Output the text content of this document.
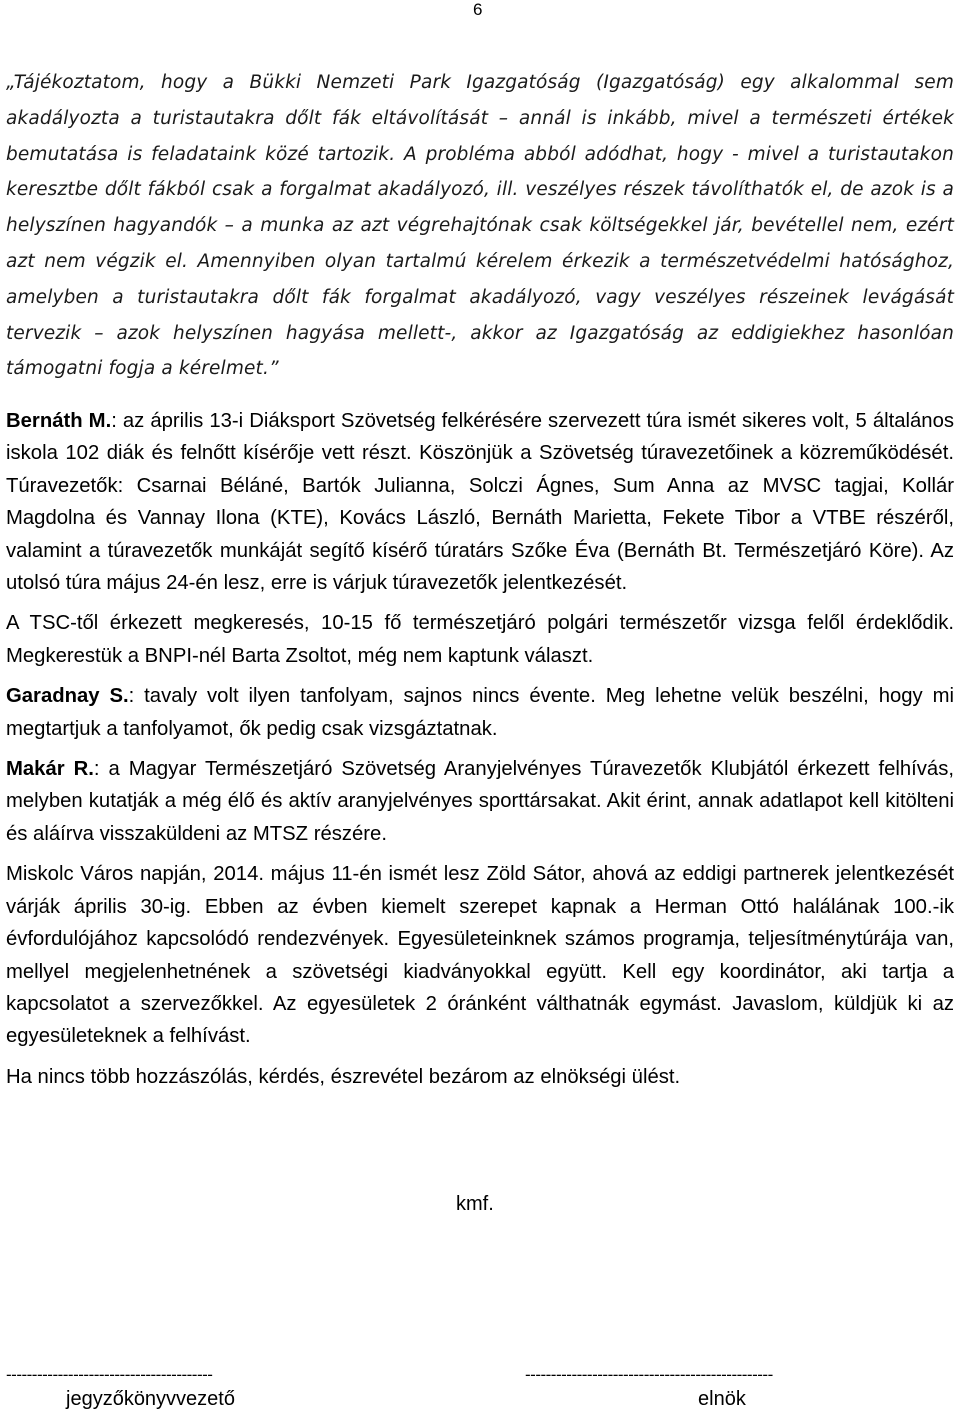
6
„Tájékoztatom, hogy a Bükki Nemzeti Park Igazgatóság (Igazgatóság) egy alkalommal sem akadályozta a turistautakra dőlt fák eltávolítását – annál is inkább, mivel a természeti értékek bemutatása is feladataink közé tartozik. A probléma abból adódhat, hogy - mivel a turistautakon keresztbe dőlt fákból csak a forgalmat akadályozó, ill. veszélyes részek távolíthatók el, de azok is a helyszínen hagyandók – a munka az azt végrehajtónak csak költségekkel jár, bevétellel nem, ezért azt nem végzik el. Amennyiben olyan tartalmú kérelem érkezik a természetvédelmi hatósághoz, amelyben a turistautakra dőlt fák forgalmat akadályozó, vagy veszélyes részeinek levágását tervezik – azok helyszínen hagyása mellett-, akkor az Igazgatóság az eddigiekhez hasonlóan támogatni fogja a kérelmet.”

Bernáth M.: az április 13-i Diáksport Szövetség felkérésére szervezett túra ismét sikeres volt, 5 általános iskola 102 diák és felnőtt kísérője vett részt. Köszönjük a Szövetség túravezetőinek a közreműködését. Túravezetők: Csarnai Béláné, Bartók Julianna, Solczi Ágnes, Sum Anna az MVSC tagjai, Kollár Magdolna és Vannay Ilona (KTE), Kovács László, Bernáth Marietta, Fekete Tibor a VTBE részéről, valamint a túravezetők munkáját segítő kísérő túratárs Szőke Éva (Bernáth Bt. Természetjáró Köre). Az utolsó túra május 24-én lesz, erre is várjuk túravezetők jelentkezését.

A TSC-től érkezett megkeresés, 10-15 fő természetjáró polgári természetőr vizsga felől érdeklődik. Megkerestük a BNPI-nél Barta Zsoltot, még nem kaptunk választ.

Garadnay S.: tavaly volt ilyen tanfolyam, sajnos nincs évente. Meg lehetne velük beszélni, hogy mi megtartjuk a tanfolyamot, ők pedig csak vizsgáztatnak.

Makár R.: a Magyar Természetjáró Szövetség Aranyjelvényes Túravezetők Klubjától érkezett felhívás, melyben kutatják a még élő és aktív aranyjelvényes sporttársakat. Akit érint, annak adatlapot kell kitölteni és aláírva visszaküldeni az MTSZ részére.

Miskolc Város napján, 2014. május 11-én ismét lesz Zöld Sátor, ahová az eddigi partnerek jelentkezését várják április 30-ig. Ebben az évben kiemelt szerepet kapnak a Herman Ottó halálának 100.-ik évfordulójához kapcsolódó rendezvények. Egyesületeinknek számos programja, teljesítménytúrája van, mellyel megjelenhetnének a szövetségi kiadványokkal együtt. Kell egy koordinátor, aki tartja a kapcsolatot a szervezőkkel. Az egyesületek 2 óránként válthatnák egymást. Javaslom, küldjük ki az egyesületeknek a felhívást.

Ha nincs több hozzászólás, kérdés, észrevétel bezárom az elnökségi ülést.

kmf.
----------------------------------------	------------------------------------------------
jegyzőkönyvvezető	elnök
